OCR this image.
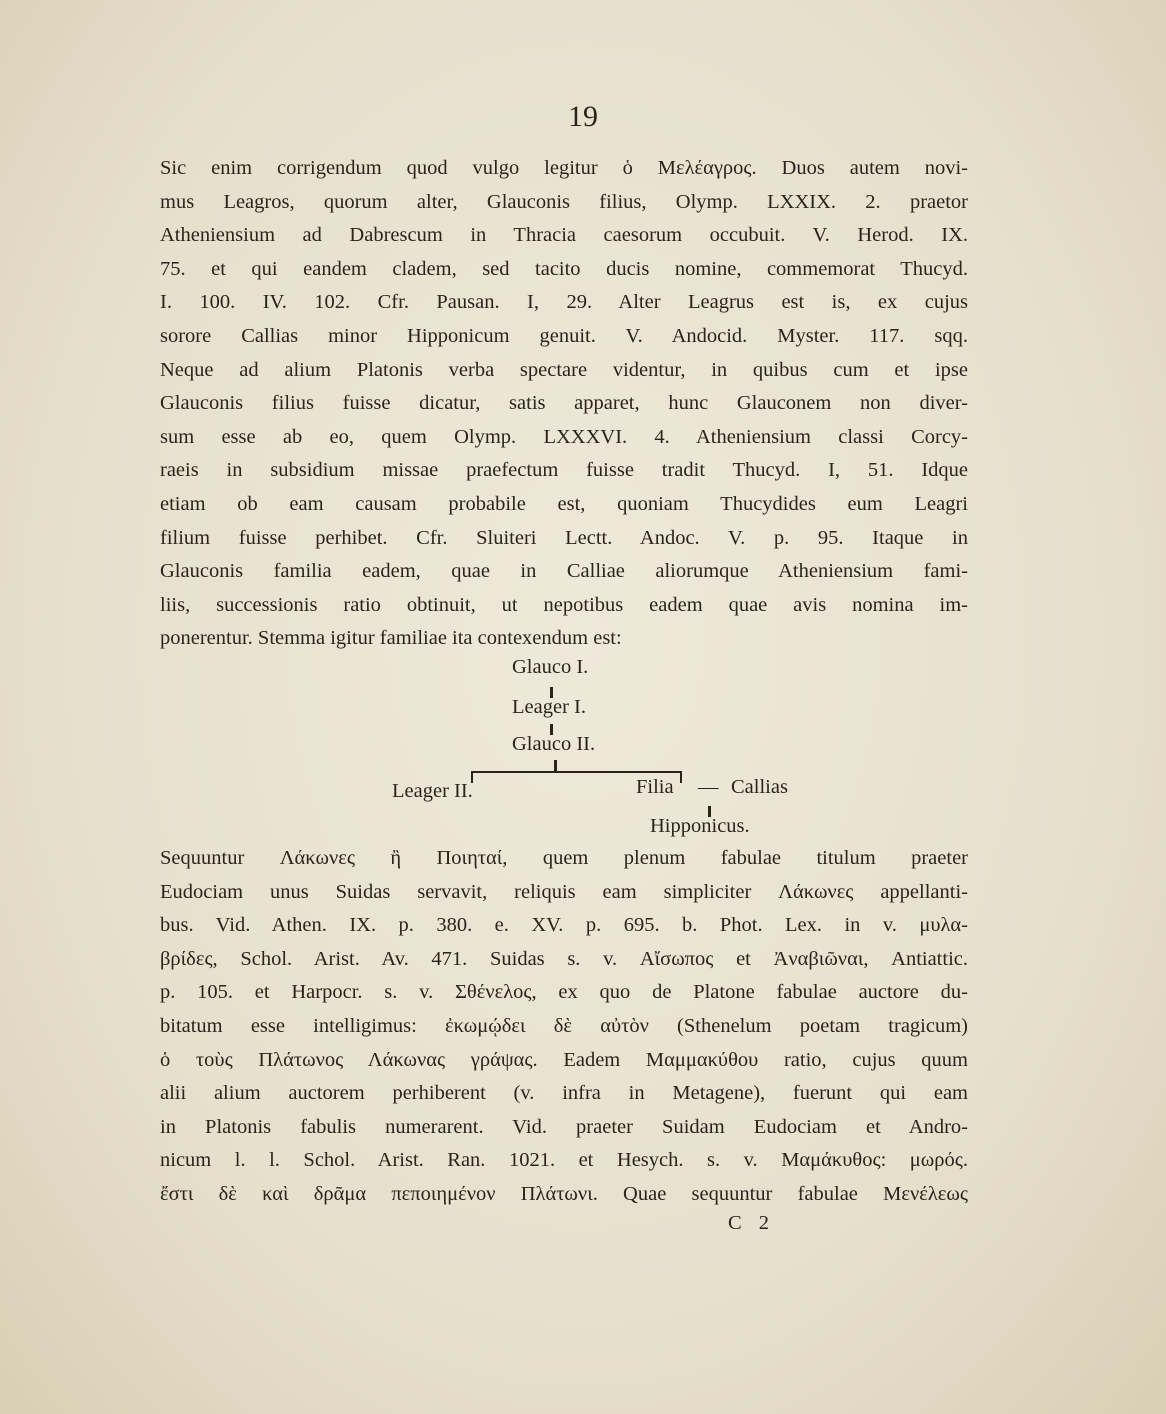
19
Sic enim corrigendum quod vulgo legitur ὁ Μελέαγρος. Duos autem novi-
mus Leagros, quorum alter, Glauconis filius, Olymp. LXXIX. 2. praetor
Atheniensium ad Dabrescum in Thracia caesorum occubuit. V. Herod. IX.
75. et qui eandem cladem, sed tacito ducis nomine, commemorat Thucyd.
I. 100. IV. 102. Cfr. Pausan. I, 29. Alter Leagrus est is, ex cujus
sorore Callias minor Hipponicum genuit. V. Andocid. Myster. 117. sqq.
Neque ad alium Platonis verba spectare videntur, in quibus cum et ipse
Glauconis filius fuisse dicatur, satis apparet, hunc Glauconem non diver-
sum esse ab eo, quem Olymp. LXXXVI. 4. Atheniensium classi Corcy-
raeis in subsidium missae praefectum fuisse tradit Thucyd. I, 51. Idque
etiam ob eam causam probabile est, quoniam Thucydides eum Leagri
filium fuisse perhibet. Cfr. Sluiteri Lectt. Andoc. V. p. 95. Itaque in
Glauconis familia eadem, quae in Calliae aliorumque Atheniensium fami-
liis, successionis ratio obtinuit, ut nepotibus eadem quae avis nomina im-
ponerentur. Stemma igitur familiae ita contexendum est:
Glauco I.
Leager I.
Glauco II.
Leager II.	Filia — Callias
Hipponicus.
Sequuntur Λάκωνες ἢ Ποιηταί, quem plenum fabulae titulum praeter
Eudociam unus Suidas servavit, reliquis eam simpliciter Λάκωνες appellanti-
bus. Vid. Athen. IX. p. 380. e. XV. p. 695. b. Phot. Lex. in v. μυλα-
βρίδες, Schol. Arist. Av. 471. Suidas s. v. Αἴσωπος et Ἀναβιῶναι, Antiattic.
p. 105. et Harpocr. s. v. Σθένελος, ex quo de Platone fabulae auctore du-
bitatum esse intelligimus: ἐκωμῴδει δὲ αὐτὸν (Sthenelum poetam tragicum)
ὁ τοὺς Πλάτωνος Λάκωνας γράψας. Eadem Μαμμακύθου ratio, cujus quum
alii alium auctorem perhiberent (v. infra in Metagene), fuerunt qui eam
in Platonis fabulis numerarent. Vid. praeter Suidam Eudociam et Andro-
nicum l. l. Schol. Arist. Ran. 1021. et Hesych. s. v. Μαμάκυθος: μωρός.
ἔστι δὲ καὶ δρᾶμα πεποιημένον Πλάτωνι. Quae sequuntur fabulae Μενέλεως
C 2
